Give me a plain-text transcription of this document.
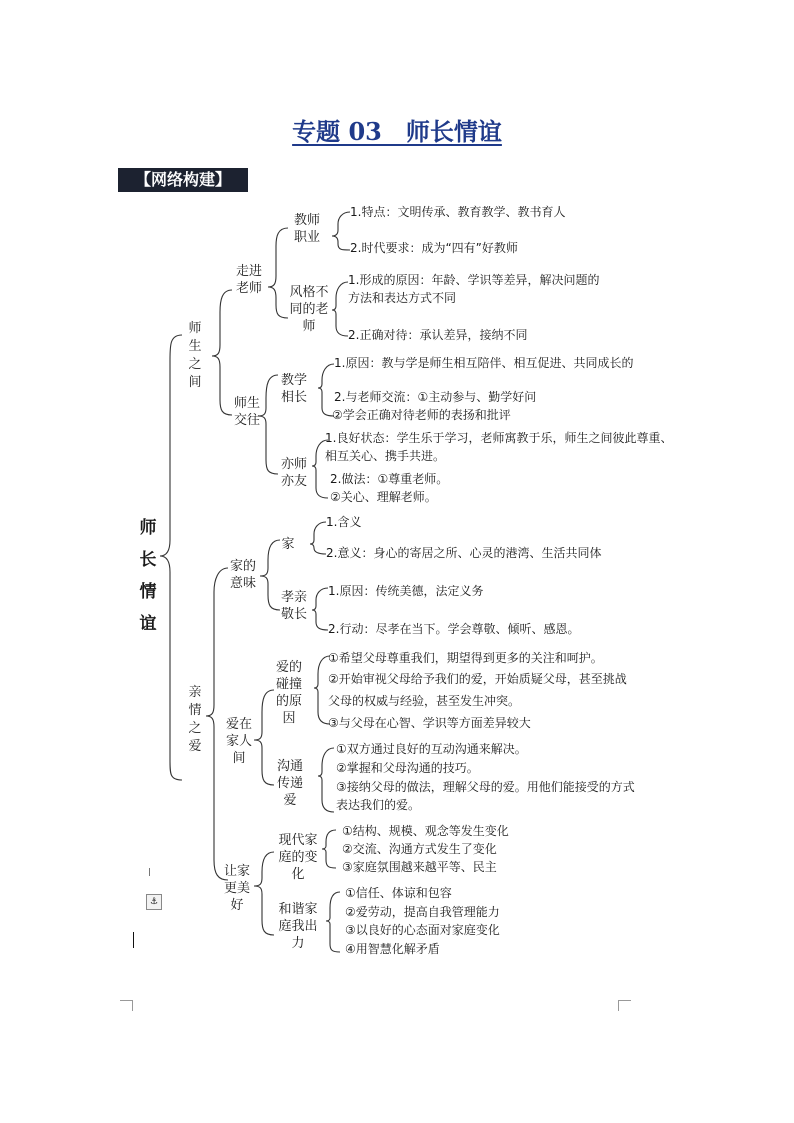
专题 03　师长情谊
【网络构建】
师长情谊
师生之间
亲情之爱
走进老师
师生交往
家的意味
爱在家人间
让家更美好
教师职业
风格不同的老师
教学相长
亦师亦友
家
孝亲敬长
爱的碰撞的原因
沟通传递爱
现代家庭的变化
和谐家庭我出力
1.特点：文明传承、教育教学、教书育人
2.时代要求：成为“四有”好教师
1.形成的原因：年龄、学识等差异，解决问题的
方法和表达方式不同
2.正确对待：承认差异，接纳不同
1.原因：教与学是师生相互陪伴、相互促进、共同成长的
2.与老师交流：①主动参与、勤学好问
②学会正确对待老师的表扬和批评
1.良好状态：学生乐于学习，老师寓教于乐，师生之间彼此尊重、
相互关心、携手共进。
2.做法：①尊重老师。
②关心、理解老师。
1.含义
2.意义：身心的寄居之所、心灵的港湾、生活共同体
1.原因：传统美德，法定义务
2.行动：尽孝在当下。学会尊敬、倾听、感恩。
①希望父母尊重我们，期望得到更多的关注和呵护。
②开始审视父母给予我们的爱，开始质疑父母，甚至挑战
父母的权威与经验，甚至发生冲突。
③与父母在心智、学识等方面差异较大
①双方通过良好的互动沟通来解决。
②掌握和父母沟通的技巧。
③接纳父母的做法，理解父母的爱。用他们能接受的方式
表达我们的爱。
①结构、规模、观念等发生变化
②交流、沟通方式发生了变化
③家庭氛围越来越平等、民主
①信任、体谅和包容
②爱劳动，提高自我管理能力
③以良好的心态面对家庭变化
④用智慧化解矛盾
⚓
